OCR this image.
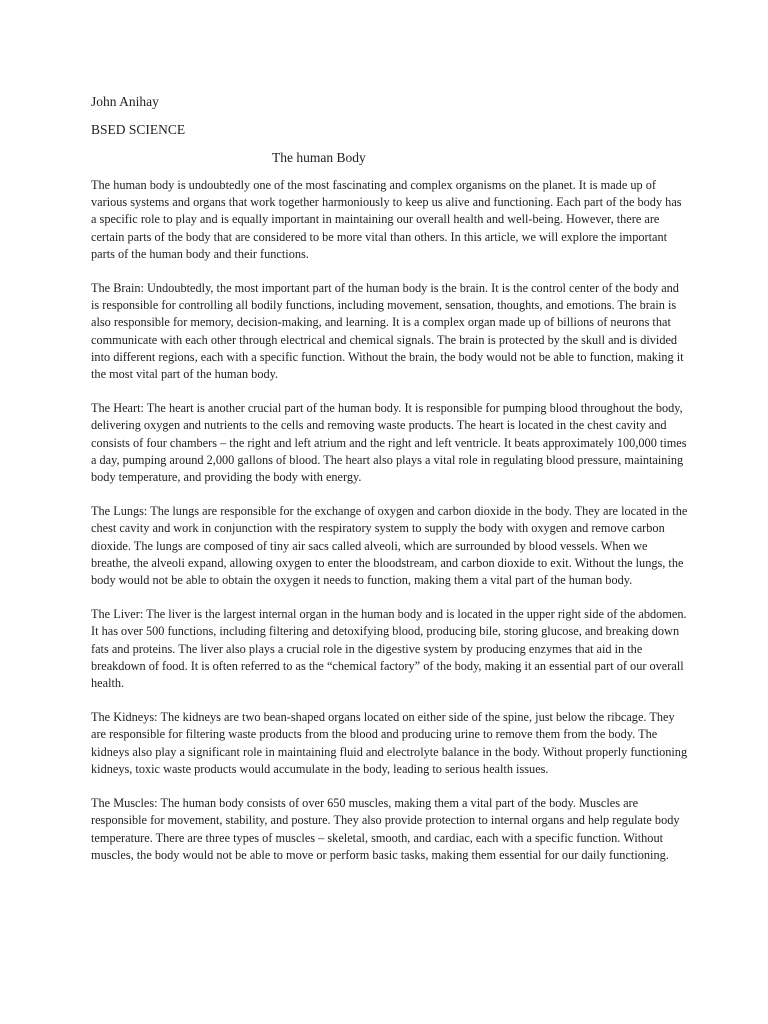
John Anihay
BSED SCIENCE
The human Body

The human body is undoubtedly one of the most fascinating and complex organisms on the planet. It is made up of various systems and organs that work together harmoniously to keep us alive and functioning. Each part of the body has a specific role to play and is equally important in maintaining our overall health and well-being. However, there are certain parts of the body that are considered to be more vital than others. In this article, we will explore the important parts of the human body and their functions.

The Brain: Undoubtedly, the most important part of the human body is the brain. It is the control center of the body and is responsible for controlling all bodily functions, including movement, sensation, thoughts, and emotions. The brain is also responsible for memory, decision-making, and learning. It is a complex organ made up of billions of neurons that communicate with each other through electrical and chemical signals. The brain is protected by the skull and is divided into different regions, each with a specific function. Without the brain, the body would not be able to function, making it the most vital part of the human body.

The Heart: The heart is another crucial part of the human body. It is responsible for pumping blood throughout the body, delivering oxygen and nutrients to the cells and removing waste products. The heart is located in the chest cavity and consists of four chambers – the right and left atrium and the right and left ventricle. It beats approximately 100,000 times a day, pumping around 2,000 gallons of blood. The heart also plays a vital role in regulating blood pressure, maintaining body temperature, and providing the body with energy.

The Lungs: The lungs are responsible for the exchange of oxygen and carbon dioxide in the body. They are located in the chest cavity and work in conjunction with the respiratory system to supply the body with oxygen and remove carbon dioxide. The lungs are composed of tiny air sacs called alveoli, which are surrounded by blood vessels. When we breathe, the alveoli expand, allowing oxygen to enter the bloodstream, and carbon dioxide to exit. Without the lungs, the body would not be able to obtain the oxygen it needs to function, making them a vital part of the human body.

The Liver: The liver is the largest internal organ in the human body and is located in the upper right side of the abdomen. It has over 500 functions, including filtering and detoxifying blood, producing bile, storing glucose, and breaking down fats and proteins. The liver also plays a crucial role in the digestive system by producing enzymes that aid in the breakdown of food. It is often referred to as the “chemical factory” of the body, making it an essential part of our overall health.

The Kidneys: The kidneys are two bean-shaped organs located on either side of the spine, just below the ribcage. They are responsible for filtering waste products from the blood and producing urine to remove them from the body. The kidneys also play a significant role in maintaining fluid and electrolyte balance in the body. Without properly functioning kidneys, toxic waste products would accumulate in the body, leading to serious health issues.

The Muscles: The human body consists of over 650 muscles, making them a vital part of the body. Muscles are responsible for movement, stability, and posture. They also provide protection to internal organs and help regulate body temperature. There are three types of muscles – skeletal, smooth, and cardiac, each with a specific function. Without muscles, the body would not be able to move or perform basic tasks, making them essential for our daily functioning.
